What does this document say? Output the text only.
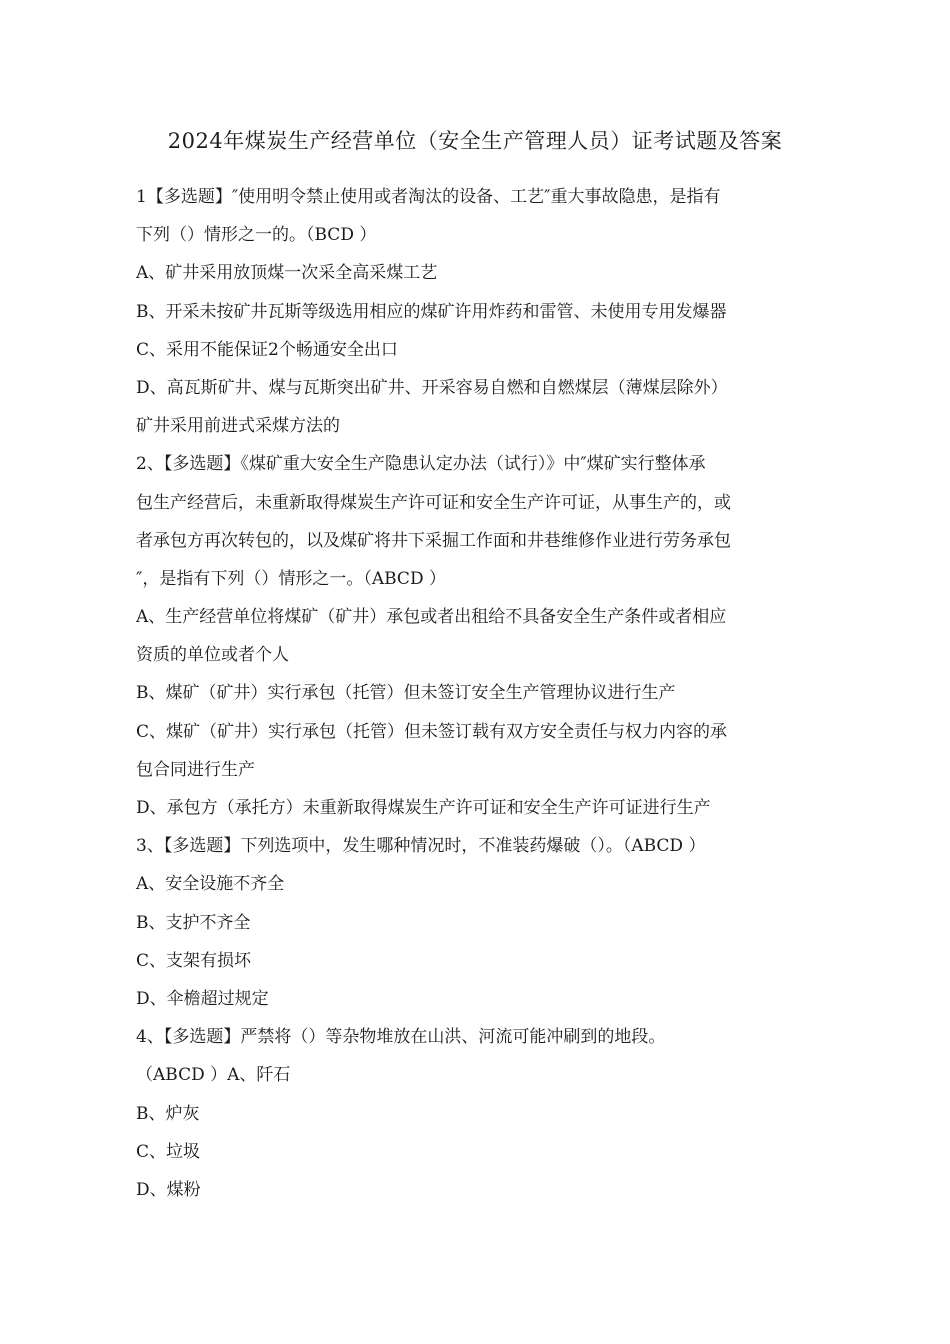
2024年煤炭生产经营单位（安全生产管理人员）证考试题及答案
1【多选题】″使用明令禁止使用或者淘汰的设备、工艺″重大事故隐患，是指有
下列（）情形之一的。（BCD ）
A、矿井采用放顶煤一次采全高采煤工艺
B、开采未按矿井瓦斯等级选用相应的煤矿许用炸药和雷管、未使用专用发爆器
C、采用不能保证2个畅通安全出口
D、高瓦斯矿井、煤与瓦斯突出矿井、开采容易自燃和自燃煤层（薄煤层除外）
矿井采用前进式采煤方法的
2、【多选题】《煤矿重大安全生产隐患认定办法（试行）》中″煤矿实行整体承
包生产经营后，未重新取得煤炭生产许可证和安全生产许可证，从事生产的，或
者承包方再次转包的，以及煤矿将井下采掘工作面和井巷维修作业进行劳务承包
″，是指有下列（）情形之一。（ABCD ）
A、生产经营单位将煤矿（矿井）承包或者出租给不具备安全生产条件或者相应
资质的单位或者个人
B、煤矿（矿井）实行承包（托管）但未签订安全生产管理协议进行生产
C、煤矿（矿井）实行承包（托管）但未签订载有双方安全责任与权力内容的承
包合同进行生产
D、承包方（承托方）未重新取得煤炭生产许可证和安全生产许可证进行生产
3、【多选题】下列选项中，发生哪种情况时，不准装药爆破（）。（ABCD ）
A、安全设施不齐全
B、支护不齐全
C、支架有损坏
D、伞檐超过规定
4、【多选题】严禁将（）等杂物堆放在山洪、河流可能冲刷到的地段。
（ABCD ）A、阡石
B、炉灰
C、垃圾
D、煤粉
